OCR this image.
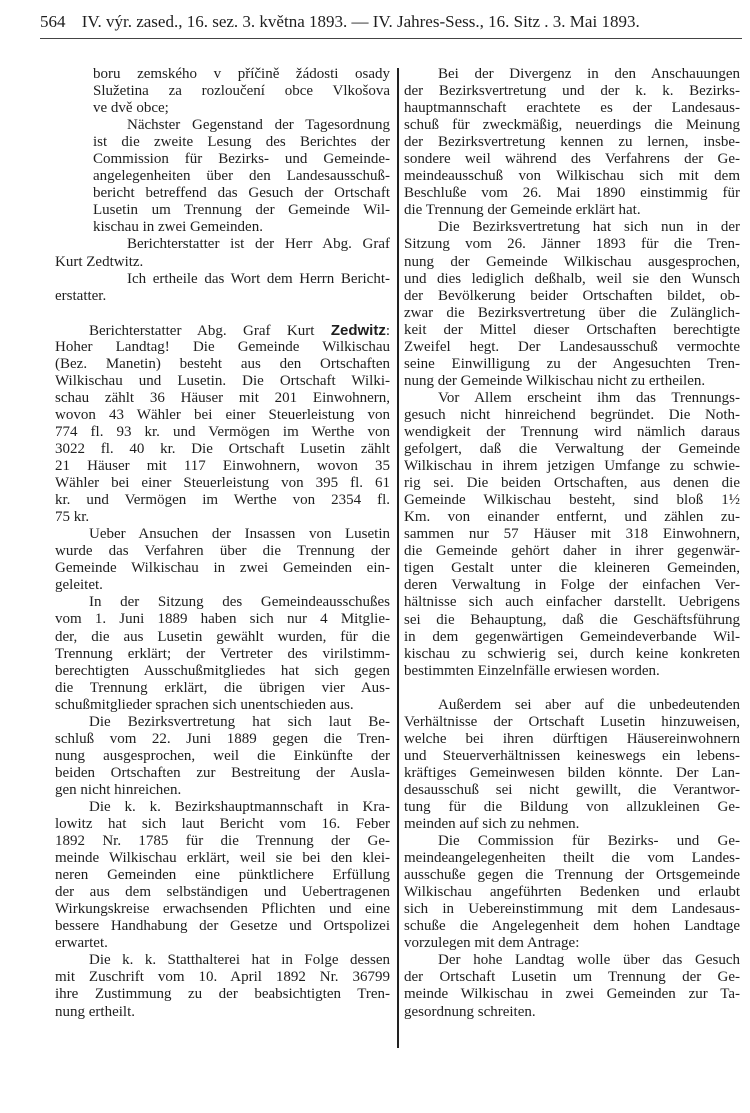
564 IV. výr. zased., 16. sez. 3. května 1893. — IV. Jahres-Sess., 16. Sitz . 3. Mai 1893.
boru zemského v příčině žádosti osady
Služetina za rozloučení obce Vlkošova
ve dvě obce;
Nächster Gegenstand der Tagesordnung
ist die zweite Lesung des Berichtes der
Commission für Bezirks- und Gemeinde-
angelegenheiten über den Landesausschuß-
bericht betreffend das Gesuch der Ortschaft
Lusetin um Trennung der Gemeinde Wil-
kischau in zwei Gemeinden.
Berichterstatter ist der Herr Abg. Graf
Kurt Zedtwitz.
Ich ertheile das Wort dem Herrn Bericht-
erstatter.
Berichterstatter Abg. Graf Kurt Zedwitz:
Hoher Landtag! Die Gemeinde Wilkischau
(Bez. Manetin) besteht aus den Ortschaften
Wilkischau und Lusetin. Die Ortschaft Wilki-
schau zählt 36 Häuser mit 201 Einwohnern,
wovon 43 Wähler bei einer Steuerleistung von
774 fl. 93 kr. und Vermögen im Werthe von
3022 fl. 40 kr. Die Ortschaft Lusetin zählt
21 Häuser mit 117 Einwohnern, wovon 35
Wähler bei einer Steuerleistung von 395 fl. 61
kr. und Vermögen im Werthe von 2354 fl.
75 kr.
Ueber Ansuchen der Insassen von Lusetin
wurde das Verfahren über die Trennung der
Gemeinde Wilkischau in zwei Gemeinden ein-
geleitet.
In der Sitzung des Gemeindeausschußes
vom 1. Juni 1889 haben sich nur 4 Mitglie-
der, die aus Lusetin gewählt wurden, für die
Trennung erklärt; der Vertreter des virilstimm-
berechtigten Ausschußmitgliedes hat sich gegen
die Trennung erklärt, die übrigen vier Aus-
schußmitglieder sprachen sich unentschieden aus.
Die Bezirksvertretung hat sich laut Be-
schluß vom 22. Juni 1889 gegen die Tren-
nung ausgesprochen, weil die Einkünfte der
beiden Ortschaften zur Bestreitung der Ausla-
gen nicht hinreichen.
Die k. k. Bezirkshauptmannschaft in Kra-
lowitz hat sich laut Bericht vom 16. Feber
1892 Nr. 1785 für die Trennung der Ge-
meinde Wilkischau erklärt, weil sie bei den klei-
neren Gemeinden eine pünktlichere Erfüllung
der aus dem selbständigen und Uebertragenen
Wirkungskreise erwachsenden Pflichten und eine
bessere Handhabung der Gesetze und Ortspolizei
erwartet.
Die k. k. Statthalterei hat in Folge dessen
mit Zuschrift vom 10. April 1892 Nr. 36799
ihre Zustimmung zu der beabsichtigten Tren-
nung ertheilt.
Bei der Divergenz in den Anschauungen
der Bezirksvertretung und der k. k. Bezirks-
hauptmannschaft erachtete es der Landesaus-
schuß für zweckmäßig, neuerdings die Meinung
der Bezirksvertretung kennen zu lernen, insbe-
sondere weil während des Verfahrens der Ge-
meindeausschuß von Wilkischau sich mit dem
Beschluße vom 26. Mai 1890 einstimmig für
die Trennung der Gemeinde erklärt hat.
Die Bezirksvertretung hat sich nun in der
Sitzung vom 26. Jänner 1893 für die Tren-
nung der Gemeinde Wilkischau ausgesprochen,
und dies lediglich deßhalb, weil sie den Wunsch
der Bevölkerung beider Ortschaften bildet, ob-
zwar die Bezirksvertretung über die Zulänglich-
keit der Mittel dieser Ortschaften berechtigte
Zweifel hegt. Der Landesausschuß vermochte
seine Einwilligung zu der Angesuchten Tren-
nung der Gemeinde Wilkischau nicht zu ertheilen.
Vor Allem erscheint ihm das Trennungs-
gesuch nicht hinreichend begründet. Die Noth-
wendigkeit der Trennung wird nämlich daraus
gefolgert, daß die Verwaltung der Gemeinde
Wilkischau in ihrem jetzigen Umfange zu schwie-
rig sei. Die beiden Ortschaften, aus denen die
Gemeinde Wilkischau besteht, sind bloß 1½
Km. von einander entfernt, und zählen zu-
sammen nur 57 Häuser mit 318 Einwohnern,
die Gemeinde gehört daher in ihrer gegenwär-
tigen Gestalt unter die kleineren Gemeinden,
deren Verwaltung in Folge der einfachen Ver-
hältnisse sich auch einfacher darstellt. Uebrigens
sei die Behauptung, daß die Geschäftsführung
in dem gegenwärtigen Gemeindeverbande Wil-
kischau zu schwierig sei, durch keine konkreten
bestimmten Einzelnfälle erwiesen worden.
Außerdem sei aber auf die unbedeutenden
Verhältnisse der Ortschaft Lusetin hinzuweisen,
welche bei ihren dürftigen Häusereinwohnern
und Steuerverhältnissen keineswegs ein lebens-
kräftiges Gemeinwesen bilden könnte. Der Lan-
desausschuß sei nicht gewillt, die Verantwor-
tung für die Bildung von allzukleinen Ge-
meinden auf sich zu nehmen.
Die Commission für Bezirks- und Ge-
meindeangelegenheiten theilt die vom Landes-
ausschuße gegen die Trennung der Ortsgemeinde
Wilkischau angeführten Bedenken und erlaubt
sich in Uebereinstimmung mit dem Landesaus-
schuße die Angelegenheit dem hohen Landtage
vorzulegen mit dem Antrage:
Der hohe Landtag wolle über das Gesuch
der Ortschaft Lusetin um Trennung der Ge-
meinde Wilkischau in zwei Gemeinden zur Ta-
gesordnung schreiten.
